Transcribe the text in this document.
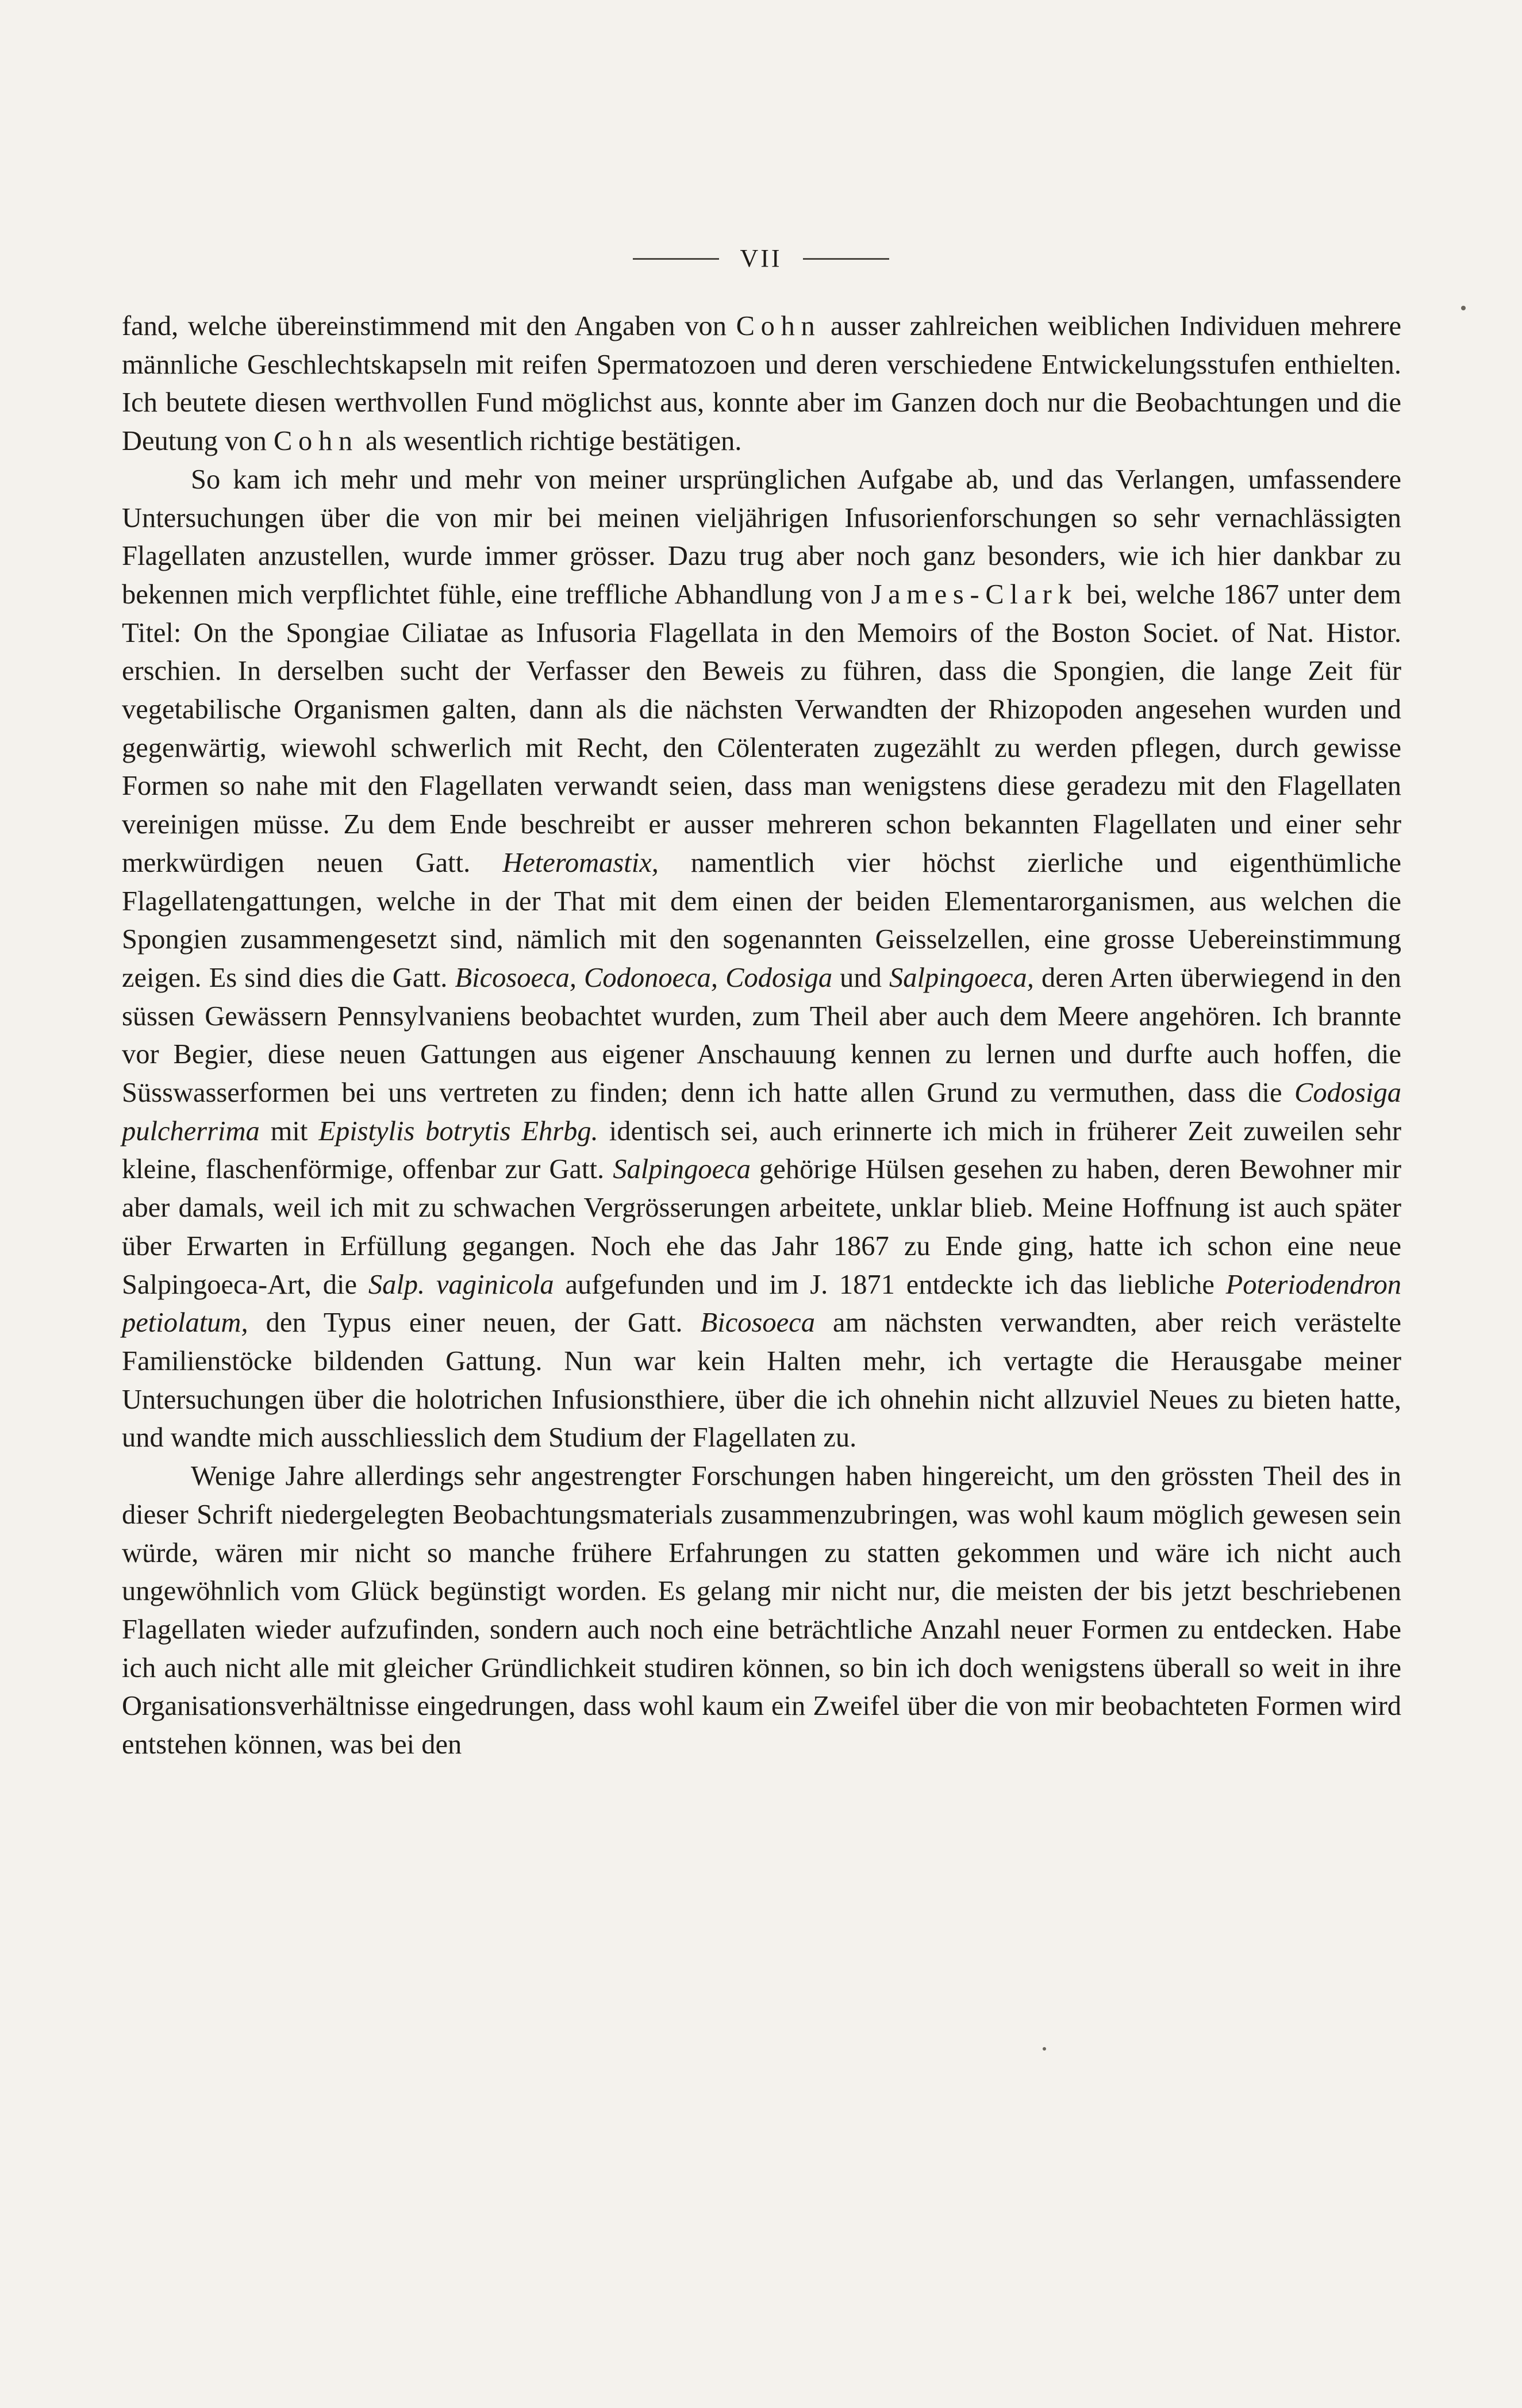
VII

fand, welche übereinstimmend mit den Angaben von Cohn ausser zahlreichen weiblichen Individuen mehrere männliche Geschlechtskapseln mit reifen Spermatozoen und deren verschiedene Entwickelungsstufen enthielten. Ich beutete diesen werthvollen Fund möglichst aus, konnte aber im Ganzen doch nur die Beobachtungen und die Deutung von Cohn als wesentlich richtige bestätigen.

So kam ich mehr und mehr von meiner ursprünglichen Aufgabe ab, und das Verlangen, umfassendere Untersuchungen über die von mir bei meinen vieljährigen Infusorienforschungen so sehr vernachlässigten Flagellaten anzustellen, wurde immer grösser. Dazu trug aber noch ganz besonders, wie ich hier dankbar zu bekennen mich verpflichtet fühle, eine treffliche Abhandlung von James-Clark bei, welche 1867 unter dem Titel: On the Spongiae Ciliatae as Infusoria Flagellata in den Memoirs of the Boston Societ. of Nat. Histor. erschien. In derselben sucht der Verfasser den Beweis zu führen, dass die Spongien, die lange Zeit für vegetabilische Organismen galten, dann als die nächsten Verwandten der Rhizopoden angesehen wurden und gegenwärtig, wiewohl schwerlich mit Recht, den Cölenteraten zugezählt zu werden pflegen, durch gewisse Formen so nahe mit den Flagellaten verwandt seien, dass man wenigstens diese geradezu mit den Flagellaten vereinigen müsse. Zu dem Ende beschreibt er ausser mehreren schon bekannten Flagellaten und einer sehr merkwürdigen neuen Gatt. Heteromastix, namentlich vier höchst zierliche und eigenthümliche Flagellatengattungen, welche in der That mit dem einen der beiden Elementarorganismen, aus welchen die Spongien zusammengesetzt sind, nämlich mit den sogenannten Geisselzellen, eine grosse Uebereinstimmung zeigen. Es sind dies die Gatt. Bicosoeca, Codonoeca, Codosiga und Salpingoeca, deren Arten überwiegend in den süssen Gewässern Pennsylvaniens beobachtet wurden, zum Theil aber auch dem Meere angehören. Ich brannte vor Begier, diese neuen Gattungen aus eigener Anschauung kennen zu lernen und durfte auch hoffen, die Süsswasserformen bei uns vertreten zu finden; denn ich hatte allen Grund zu vermuthen, dass die Codosiga pulcherrima mit Epistylis botrytis Ehrbg. identisch sei, auch erinnerte ich mich in früherer Zeit zuweilen sehr kleine, flaschenförmige, offenbar zur Gatt. Salpingoeca gehörige Hülsen gesehen zu haben, deren Bewohner mir aber damals, weil ich mit zu schwachen Vergrösserungen arbeitete, unklar blieb. Meine Hoffnung ist auch später über Erwarten in Erfüllung gegangen. Noch ehe das Jahr 1867 zu Ende ging, hatte ich schon eine neue Salpingoeca-Art, die Salp. vaginicola aufgefunden und im J. 1871 entdeckte ich das liebliche Poteriodendron petiolatum, den Typus einer neuen, der Gatt. Bicosoeca am nächsten verwandten, aber reich verästelte Familienstöcke bildenden Gattung. Nun war kein Halten mehr, ich vertagte die Herausgabe meiner Untersuchungen über die holotrichen Infusionsthiere, über die ich ohnehin nicht allzuviel Neues zu bieten hatte, und wandte mich ausschliesslich dem Studium der Flagellaten zu.

Wenige Jahre allerdings sehr angestrengter Forschungen haben hingereicht, um den grössten Theil des in dieser Schrift niedergelegten Beobachtungsmaterials zusammenzubringen, was wohl kaum möglich gewesen sein würde, wären mir nicht so manche frühere Erfahrungen zu statten gekommen und wäre ich nicht auch ungewöhnlich vom Glück begünstigt worden. Es gelang mir nicht nur, die meisten der bis jetzt beschriebenen Flagellaten wieder aufzufinden, sondern auch noch eine beträchtliche Anzahl neuer Formen zu entdecken. Habe ich auch nicht alle mit gleicher Gründlichkeit studiren können, so bin ich doch wenigstens überall so weit in ihre Organisationsverhältnisse eingedrungen, dass wohl kaum ein Zweifel über die von mir beobachteten Formen wird entstehen können, was bei den
